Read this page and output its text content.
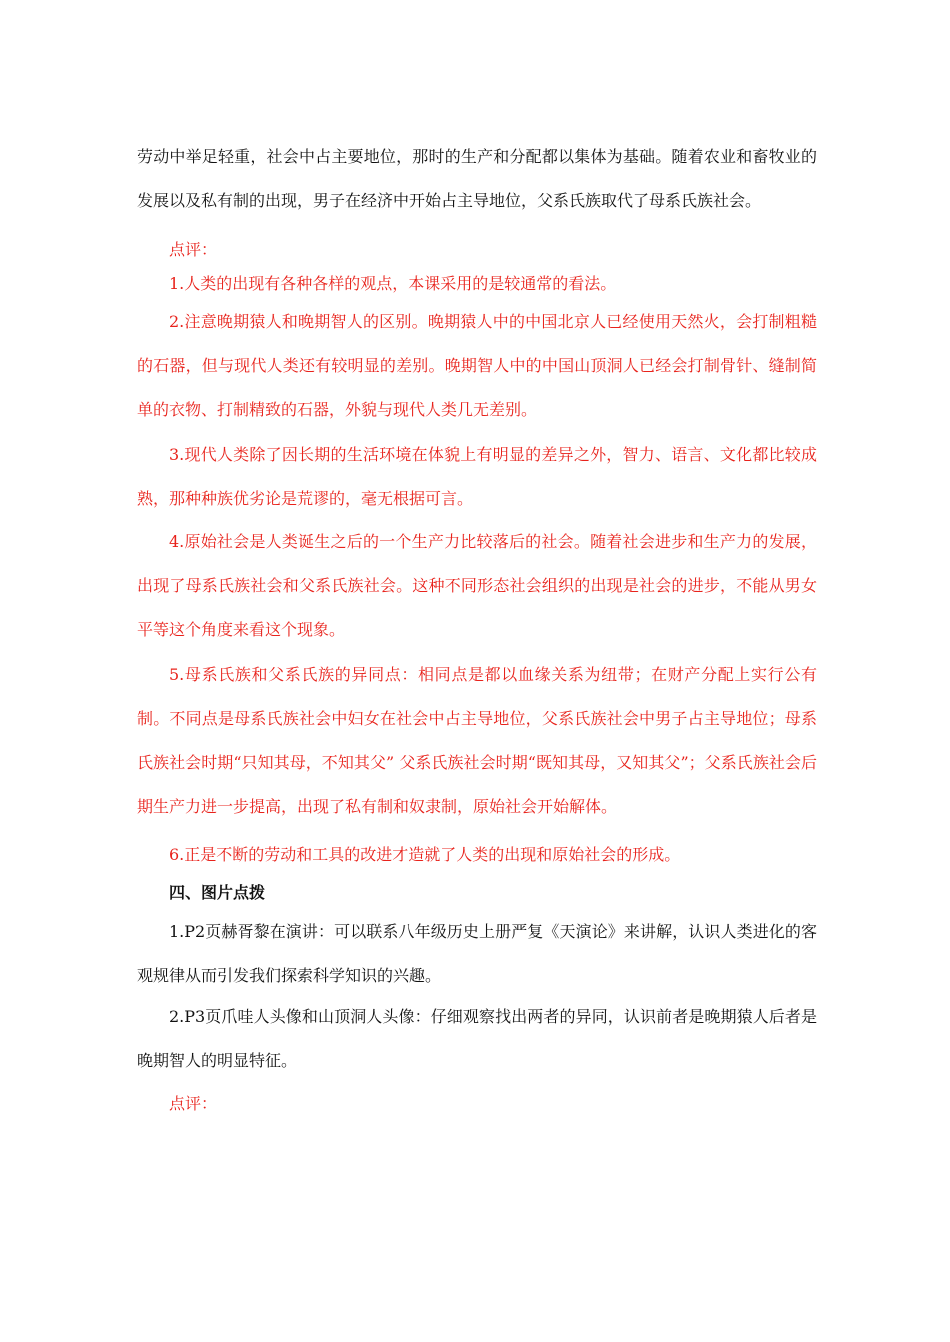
劳动中举足轻重，社会中占主要地位，那时的生产和分配都以集体为基础。随着农业和畜牧业的发展以及私有制的出现，男子在经济中开始占主导地位，父系氏族取代了母系氏族社会。

点评：

1.人类的出现有各种各样的观点，本课采用的是较通常的看法。

2.注意晚期猿人和晚期智人的区别。晚期猿人中的中国北京人已经使用天然火，会打制粗糙的石器，但与现代人类还有较明显的差别。晚期智人中的中国山顶洞人已经会打制骨针、缝制简单的衣物、打制精致的石器，外貌与现代人类几无差别。

3.现代人类除了因长期的生活环境在体貌上有明显的差异之外，智力、语言、文化都比较成熟，那种种族优劣论是荒谬的，毫无根据可言。

4.原始社会是人类诞生之后的一个生产力比较落后的社会。随着社会进步和生产力的发展，出现了母系氏族社会和父系氏族社会。这种不同形态社会组织的出现是社会的进步，不能从男女平等这个角度来看这个现象。

5.母系氏族和父系氏族的异同点：相同点是都以血缘关系为纽带；在财产分配上实行公有制。不同点是母系氏族社会中妇女在社会中占主导地位，父系氏族社会中男子占主导地位；母系氏族社会时期“只知其母，不知其父” 父系氏族社会时期“既知其母，又知其父”；父系氏族社会后期生产力进一步提高，出现了私有制和奴隶制，原始社会开始解体。

6.正是不断的劳动和工具的改进才造就了人类的出现和原始社会的形成。

四、图片点拨

1.P2页赫胥黎在演讲：可以联系八年级历史上册严复《天演论》来讲解，认识人类进化的客观规律从而引发我们探索科学知识的兴趣。

2.P3页爪哇人头像和山顶洞人头像：仔细观察找出两者的异同，认识前者是晚期猿人后者是晚期智人的明显特征。

点评：
